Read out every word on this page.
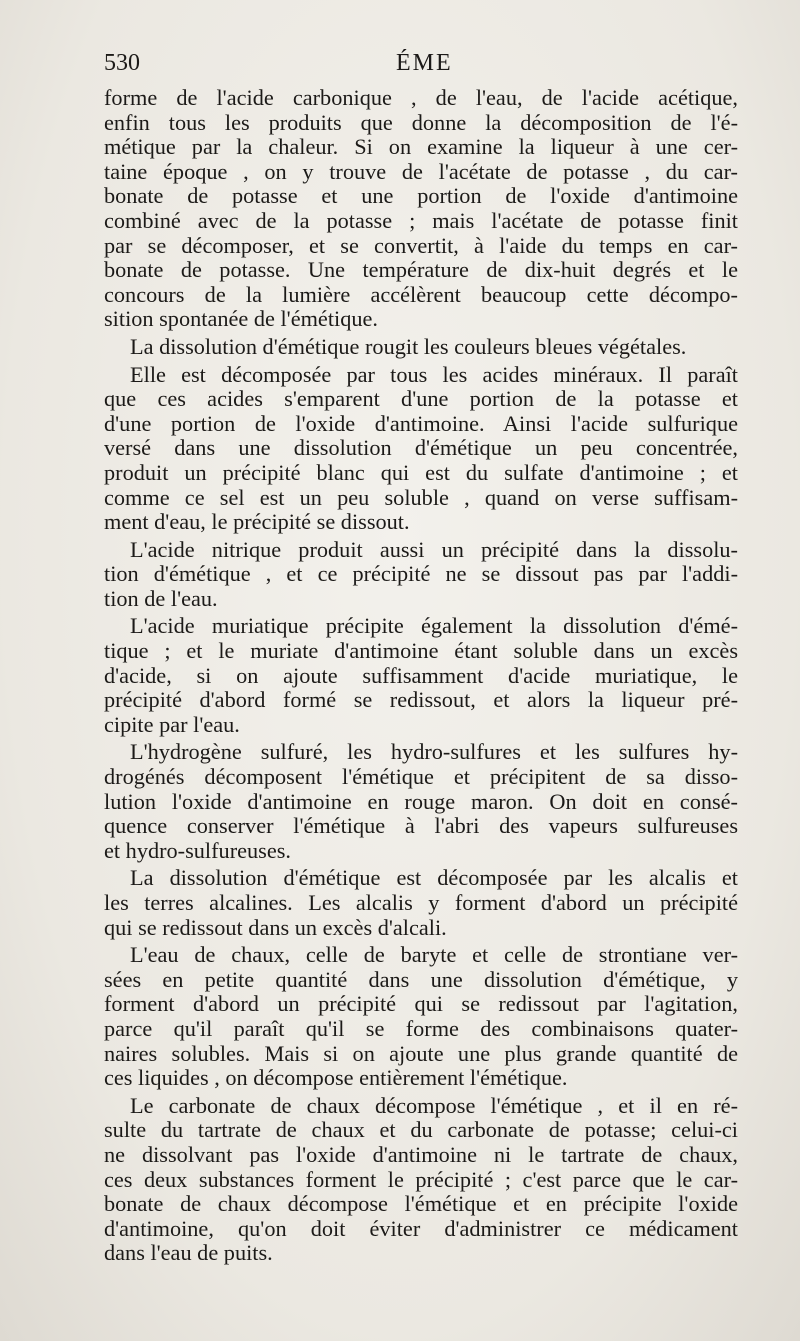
530	ÉME

forme de l'acide carbonique , de l'eau, de l'acide acétique,
enfin tous les produits que donne la décomposition de l'é-
métique par la chaleur. Si on examine la liqueur à une cer-
taine époque , on y trouve de l'acétate de potasse , du car-
bonate de potasse et une portion de l'oxide d'antimoine
combiné avec de la potasse ; mais l'acétate de potasse finit
par se décomposer, et se convertit, à l'aide du temps en car-
bonate de potasse. Une température de dix-huit degrés et le
concours de la lumière accélèrent beaucoup cette décompo-
sition spontanée de l'émétique.

La dissolution d'émétique rougit les couleurs bleues végétales.

Elle est décomposée par tous les acides minéraux. Il paraît
que ces acides s'emparent d'une portion de la potasse et
d'une portion de l'oxide d'antimoine. Ainsi l'acide sulfurique
versé dans une dissolution d'émétique un peu concentrée,
produit un précipité blanc qui est du sulfate d'antimoine ; et
comme ce sel est un peu soluble , quand on verse suffisam-
ment d'eau, le précipité se dissout.

L'acide nitrique produit aussi un précipité dans la dissolu-
tion d'émétique , et ce précipité ne se dissout pas par l'addi-
tion de l'eau.

L'acide muriatique précipite également la dissolution d'émé-
tique ; et le muriate d'antimoine étant soluble dans un excès
d'acide, si on ajoute suffisamment d'acide muriatique, le
précipité d'abord formé se redissout, et alors la liqueur pré-
cipite par l'eau.

L'hydrogène sulfuré, les hydro-sulfures et les sulfures hy-
drogénés décomposent l'émétique et précipitent de sa disso-
lution l'oxide d'antimoine en rouge maron. On doit en consé-
quence conserver l'émétique à l'abri des vapeurs sulfureuses
et hydro-sulfureuses.

La dissolution d'émétique est décomposée par les alcalis et
les terres alcalines. Les alcalis y forment d'abord un précipité
qui se redissout dans un excès d'alcali.

L'eau de chaux, celle de baryte et celle de strontiane ver-
sées en petite quantité dans une dissolution d'émétique, y
forment d'abord un précipité qui se redissout par l'agitation,
parce qu'il paraît qu'il se forme des combinaisons quater-
naires solubles. Mais si on ajoute une plus grande quantité de
ces liquides , on décompose entièrement l'émétique.

Le carbonate de chaux décompose l'émétique , et il en ré-
sulte du tartrate de chaux et du carbonate de potasse; celui-ci
ne dissolvant pas l'oxide d'antimoine ni le tartrate de chaux,
ces deux substances forment le précipité ; c'est parce que le car-
bonate de chaux décompose l'émétique et en précipite l'oxide
d'antimoine, qu'on doit éviter d'administrer ce médicament
dans l'eau de puits.
